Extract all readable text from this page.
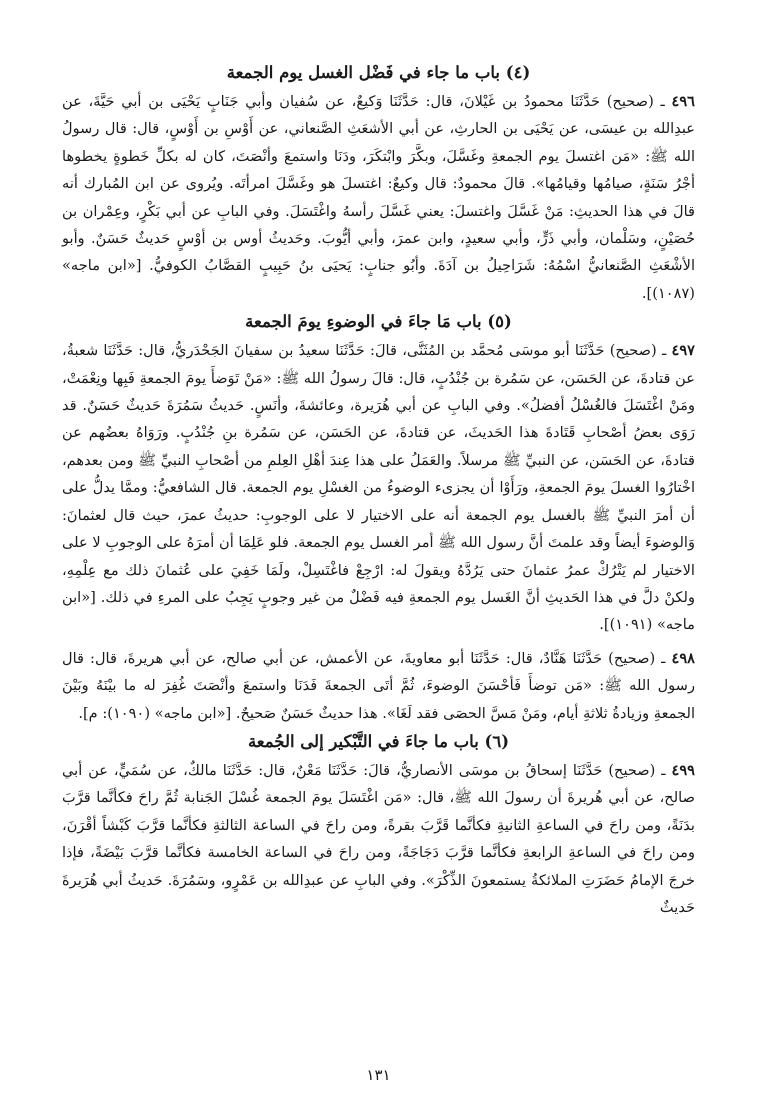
(٤) باب ما جاء في فَضْل الغسل يوم الجمعة

٤٩٦ ـ (صحيح) حَدَّثَنَا محمودُ بن غَيْلانَ، قال: حَدَّثَنَا وَكيعٌ، عن سُفيان وأبي جَنَابٍ يَحْيَى بن أبي حَيَّةَ، عن عبدِالله بن عيسَى، عن يَحْيَى بن الحارثِ، عن أبي الأشعَثِ الصَّنعاني، عن أَوْسِ بن أَوْسٍ، قال: قال رسولُ الله ﷺ: «مَن اغتسلَ يوم الجمعةِ وغَسَّلَ، وبكَّرَ وابْتكَرَ، ودَنَا واستمعَ وأنْصَتَ، كان له بكلِّ خَطوةٍ يخطوها أجْرُ سَنَةٍ، صيامُها وقيامُها». قالَ محمودٌ: قال وكيعٌ: اغتسلَ هو وغَسَّلَ امرأتَه. ويُروى عن ابن المُبارك أنه قالَ في هذا الحديثِ: مَنْ غَسَّلَ واغتسلَ: يعني غَسَّلَ رأسهُ واغْتَسَلَ. وفي البابِ عن أبي بَكْرٍ، وعِمْران بن حُصَيْنٍ، وسَلْمان، وأبي ذَرٍّ، وأبي سعيدٍ، وابن عمرَ، وأبي أيُّوبَ. وحَديثُ أوس بن أوْسٍ حَديثٌ حَسَنٌ. وأبو الأشْعَثِ الصَّنعانيُّ اسْمُهُ: شَرَاحِيلُ بن آدَةَ. وأبُو جنابٍ: يَحيَى بنُ حَبِيبٍ القصَّابُ الكوفيُّ. [«ابن ماجه» (١٠٨٧)].

(٥) باب مَا جاءَ في الوضوءِ يومَ الجمعة

٤٩٧ ـ (صحيح) حَدَّثَنَا أبو موسَى مُحمَّد بن المُثَنَّى، قالَ: حَدَّثَنَا سعيدُ بن سفيانَ الجَحْدَريُّ، قال: حَدَّثَنَا شعبةُ، عن قتادةَ، عن الحَسَن، عن سَمُرة بن جُنْدُبٍ، قال: قالَ رسولُ الله ﷺ: «مَنْ تَوَضأَ يومَ الجمعةِ فَبِها ونِعْمَتْ، ومَنْ اغْتَسَلَ فالغُسْلُ أفضلُ». وفي البابِ عن أبي هُرَيرة، وعائشةَ، وأنَسٍ. حَديثُ سَمُرَةَ حَديثٌ حَسَنٌ. قد رَوَى بعضُ أصْحابِ قَتَادةَ هذا الحَديثَ، عن قتادةَ، عن الحَسَن، عن سَمُرة بنِ جُنْدُبٍ. ورَوَاهُ بعضُهم عن قتادةَ، عن الحَسَن، عن النبيِّ ﷺ مرسلاً. والعَمَلُ على هذا عِندَ أهْلِ العِلمِ من أصْحابِ النبيِّ ﷺ ومن بعدهم، اخْتارُوا الغسلَ يومَ الجمعةِ، ورَأَوْا أن يجزىء الوضوءُ من الغسْلِ يوم الجمعة. قال الشافعيُّ: وممَّا يدلُّ على أن أمرَ النبيِّ ﷺ بالغسل يوم الجمعة أنه على الاختيار لا على الوجوبِ: حديثُ عمرَ، حيث قال لعثمانَ: وَالوضوءَ أيضاً وقد علمتَ أنَّ رسول الله ﷺ أمر الغسل يوم الجمعة. فلو عَلِمَا أن أمرَهُ على الوجوبِ لا على الاختيار لم يَتْرُكْ عمرُ عثمانَ حتى يَرُدَّهُ ويقولَ له: ارْجِعْ فاغْتَسِلْ، ولَمَا خَفِيَ على عُثمانَ ذلك مع عِلْمِهِ، ولكنْ دلَّ في هذا الحَديثِ أنَّ الغَسل يوم الجمعةِ فيه فَضْلٌ من غير وجوبٍ يَجِبُ على المرءِ في ذلك. [«ابن ماجه» (١٠٩١)].

٤٩٨ ـ (صحيح) حَدَّثَنَا هَنَّادٌ، قال: حَدَّثَنَا أبو معاويةَ، عن الأعمش، عن أبي صالح، عن أبي هريرةَ، قال: قال رسول الله ﷺ: «مَن توضأَ فَأحْسَنَ الوضوءَ، ثُمَّ أتَى الجمعةَ فَدَنَا واستمعَ وأنْصَتَ غُفِرَ له ما بيْنَهُ وبَيْنَ الجمعةِ وزيادةُ ثلاثةِ أيام، ومَنْ مَسَّ الحصَى فقد لَغَا». هذا حديثٌ حَسَنٌ صَحيحٌ. [«ابن ماجه» (١٠٩٠): م].

(٦) باب ما جاءَ في التَّبْكير إلى الجُمعة

٤٩٩ ـ (صحيح) حَدَّثَنَا إسحاقُ بن موسَى الأنصاريُّ، قالَ: حَدَّثَنَا مَعْنٌ، قال: حَدَّثَنَا مالكٌ، عن سُمَيٍّ، عن أبي صالح، عن أبي هُريرةَ أن رسولَ الله ﷺ، قال: «مَن اغْتَسَلَ يومَ الجمعة غُسْلَ الجَنابة ثُمَّ راحَ فكأنَّما قرَّبَ بدَنَةً، ومن راحَ في الساعةِ الثانيةِ فكأنَّما قَرَّبَ بقرةً، ومن راحَ في الساعة الثالثةِ فكأنَّما قرَّبَ كَبْشاً أقْرَنَ، ومن راحَ في الساعةِ الرابعةِ فكأنَّما قرَّبَ دَجَاجَةً، ومن راحَ في الساعة الخامسة فكأنَّما قرَّبَ بَيْضَةً، فإذا خرجَ الإمامُ حَضَرَتِ الملائكةُ يستمعونَ الذِّكْرَ». وفي البابِ عن عبدِالله بن عَمْرٍو، وسَمُرَةَ. حَديثُ أبي هُرَيرةَ حَديثٌ

١٣١
